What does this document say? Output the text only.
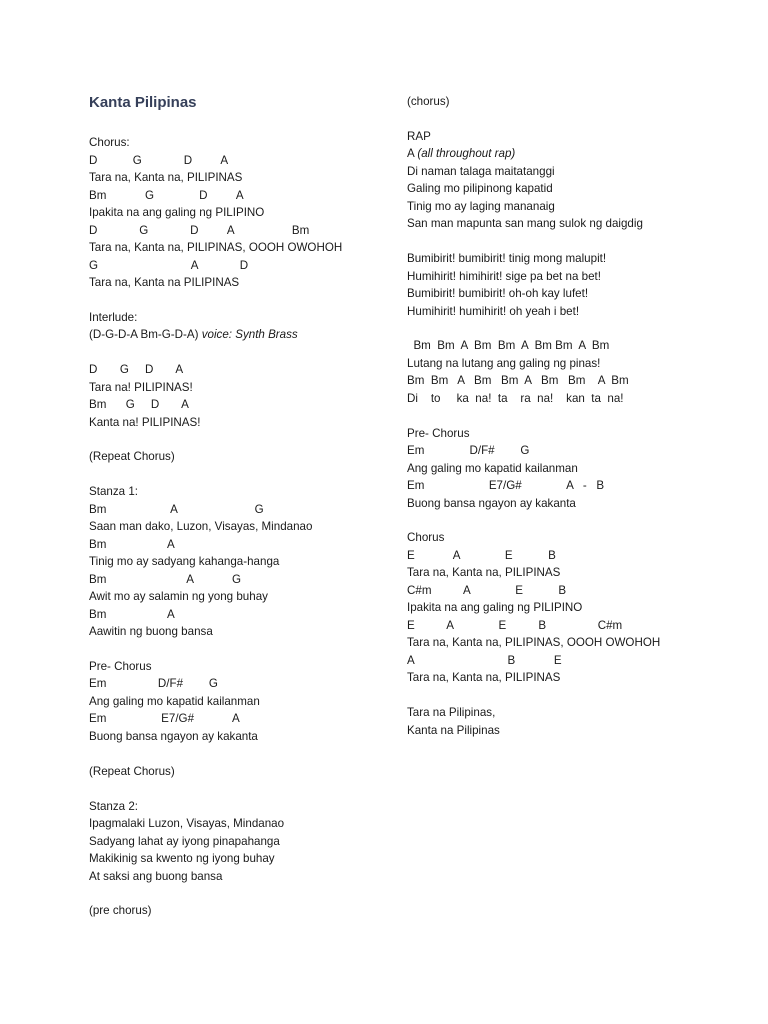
Kanta Pilipinas
Chorus:
D           G             D         A
Tara na, Kanta na, PILIPINAS
Bm            G              D         A
Ipakita na ang galing ng PILIPINO
D             G             D         A                  Bm
Tara na, Kanta na, PILIPINAS, OOOH OWOHOH
G                             A             D
Tara na, Kanta na PILIPINAS
Interlude:
(D-G-D-A Bm-G-D-A) voice: Synth Brass
D       G     D       A
Tara na! PILIPINAS!
Bm      G     D       A
Kanta na! PILIPINAS!
(Repeat Chorus)
Stanza 1:
Bm                    A                        G
Saan man dako, Luzon, Visayas, Mindanao
Bm                   A
Tinig mo ay sadyang kahanga-hanga
Bm                         A            G
Awit mo ay salamin ng yong buhay
Bm                   A
Aawitin ng buong bansa
Pre- Chorus
Em                D/F#        G
Ang galing mo kapatid kailanman
Em                 E7/G#            A
Buong bansa ngayon ay kakanta
(Repeat Chorus)
Stanza 2:
Ipagmalaki Luzon, Visayas, Mindanao
Sadyang lahat ay iyong pinapahanga
Makikinig sa kwento ng iyong buhay
At saksi ang buong bansa
(pre chorus)
(chorus)
RAP
A (all throughout rap)
Di naman talaga maitatanggi
Galing mo pilipinong kapatid
Tinig mo ay laging mananaig
San man mapunta san mang sulok ng daigdig
Bumibirit! bumibirit! tinig mong malupit!
Humihirit! himihirit! sige pa bet na bet!
Bumibirit! bumibirit! oh-oh kay lufet!
Humihirit! humihirit! oh yeah i bet!
Bm  Bm  A  Bm  Bm  A  Bm Bm  A  Bm
Lutang na lutang ang galing ng pinas!
Bm  Bm   A   Bm   Bm  A   Bm   Bm    A  Bm
Di    to     ka  na!  ta    ra  na!    kan  ta  na!
Pre- Chorus
Em              D/F#        G
Ang galing mo kapatid kailanman
Em                    E7/G#              A   -   B
Buong bansa ngayon ay kakanta
Chorus
E            A              E           B
Tara na, Kanta na, PILIPINAS
C#m          A              E           B
Ipakita na ang galing ng PILIPINO
E          A              E          B                C#m
Tara na, Kanta na, PILIPINAS, OOOH OWOHOH
A                             B            E
Tara na, Kanta na, PILIPINAS
Tara na Pilipinas,
Kanta na Pilipinas
